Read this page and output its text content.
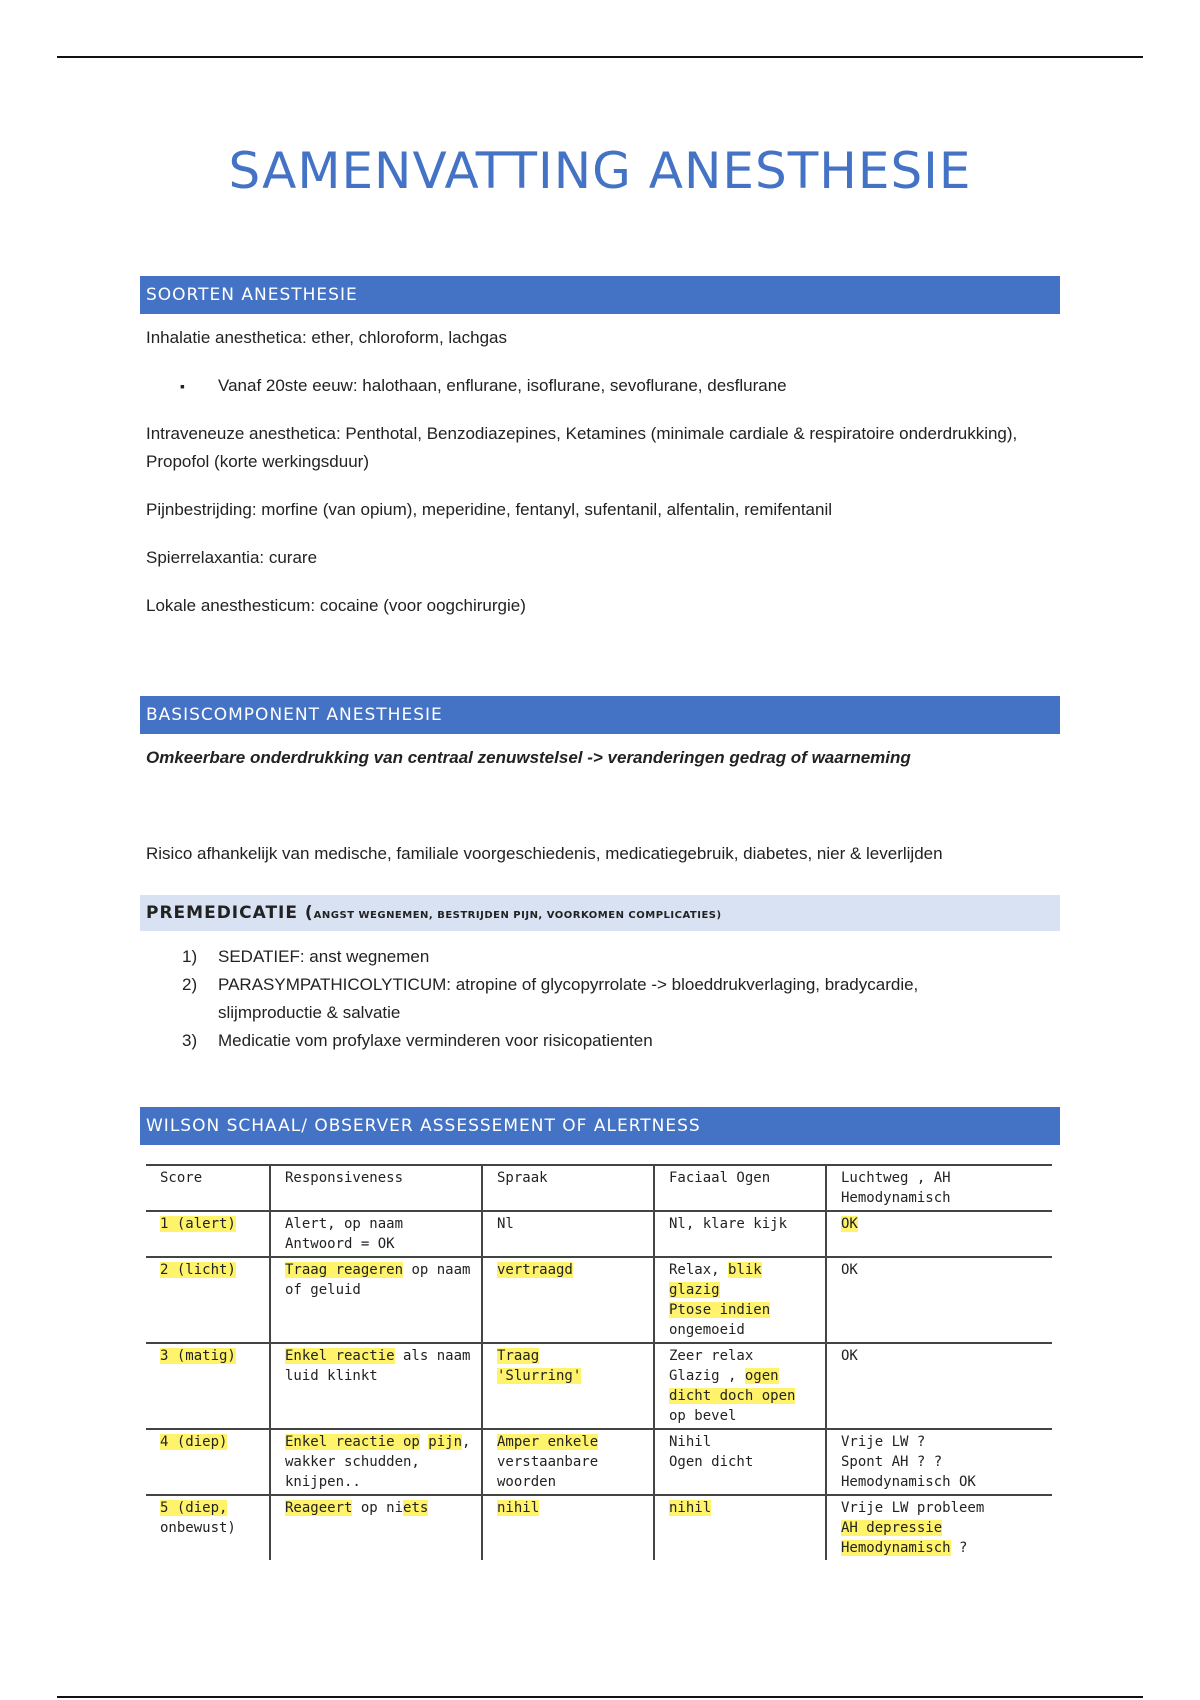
SAMENVATTING ANESTHESIE
SOORTEN ANESTHESIE

Inhalatie anesthetica: ether, chloroform, lachgas

▪ Vanaf 20ste eeuw: halothaan, enflurane, isoflurane, sevoflurane, desflurane

Intraveneuze anesthetica: Penthotal, Benzodiazepines, Ketamines (minimale cardiale & respiratoire onderdrukking), Propofol (korte werkingsduur)

Pijnbestrijding: morfine (van opium), meperidine, fentanyl, sufentanil, alfentalin, remifentanil

Spierrelaxantia: curare

Lokale anesthesticum: cocaine (voor oogchirurgie)

BASISCOMPONENT ANESTHESIE

Omkeerbare onderdrukking van centraal zenuwstelsel -> veranderingen gedrag of waarneming

Risico afhankelijk van medische, familiale voorgeschiedenis, medicatiegebruik, diabetes, nier & leverlijden

PREMEDICATIE (ANGST WEGNEMEN, BESTRIJDEN PIJN, VOORKOMEN COMPLICATIES)
1) SEDATIEF: anst wegnemen
2) PARASYMPATHICOLYTICUM: atropine of glycopyrrolate -> bloeddrukverlaging, bradycardie, slijmproductie & salvatie
3) Medicatie vom profylaxe verminderen voor risicopatienten
WILSON SCHAAL/ OBSERVER ASSESSEMENT OF ALERTNESS
Score	Responsiveness	Spraak	Faciaal Ogen	Luchtweg , AH Hemodynamisch
1 (alert)	Alert, op naam
Antwoord = OK	Nl	Nl, klare kijk	OK
2 (licht)	Traag reageren op naam of geluid	vertraagd	Relax, blik
glazig
Ptose indien
ongemoeid	OK
3 (matig)	Enkel reactie als naam luid klinkt	Traag
'Slurring'	Zeer relax
Glazig , ogen
dicht doch open
op bevel	OK
4 (diep)	Enkel reactie op pijn, wakker schudden, knijpen..	Amper enkele verstaanbare woorden	Nihil
Ogen dicht	Vrije LW ?
Spont AH ? ?
Hemodynamisch OK

5 (diep,
onbewust)	Reageert op niets	nihil	nihil	Vrije LW probleem
AH depressie
Hemodynamisch ?
